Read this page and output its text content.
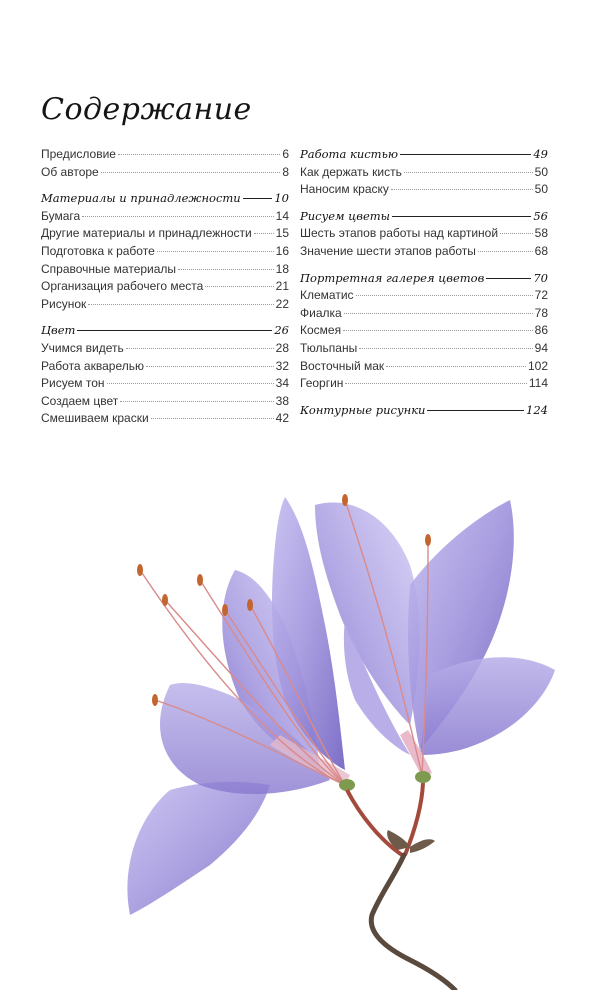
Содержание
Предисловие	6
Об авторе	8
Материалы и принадлежности	10
Бумага	14
Другие материалы и принадлежности 15
Подготовка к работе	16
Справочные материалы	18
Организация рабочего места	21
Рисунок	22
Цвет	26
Учимся видеть	28
Работа акварелью	32
Рисуем тон	34
Создаем цвет	38
Смешиваем краски	42
Работа кистью	49
Как держать кисть	50
Наносим краску	50
Рисуем цветы	56
Шесть этапов работы над картиной	58
Значение шести этапов работы	68
Портретная галерея цветов	70
Клематис	72
Фиалка	78
Космея	86
Тюльпаны	94
Восточный мак	102
Георгин	114
Контурные рисунки	124
